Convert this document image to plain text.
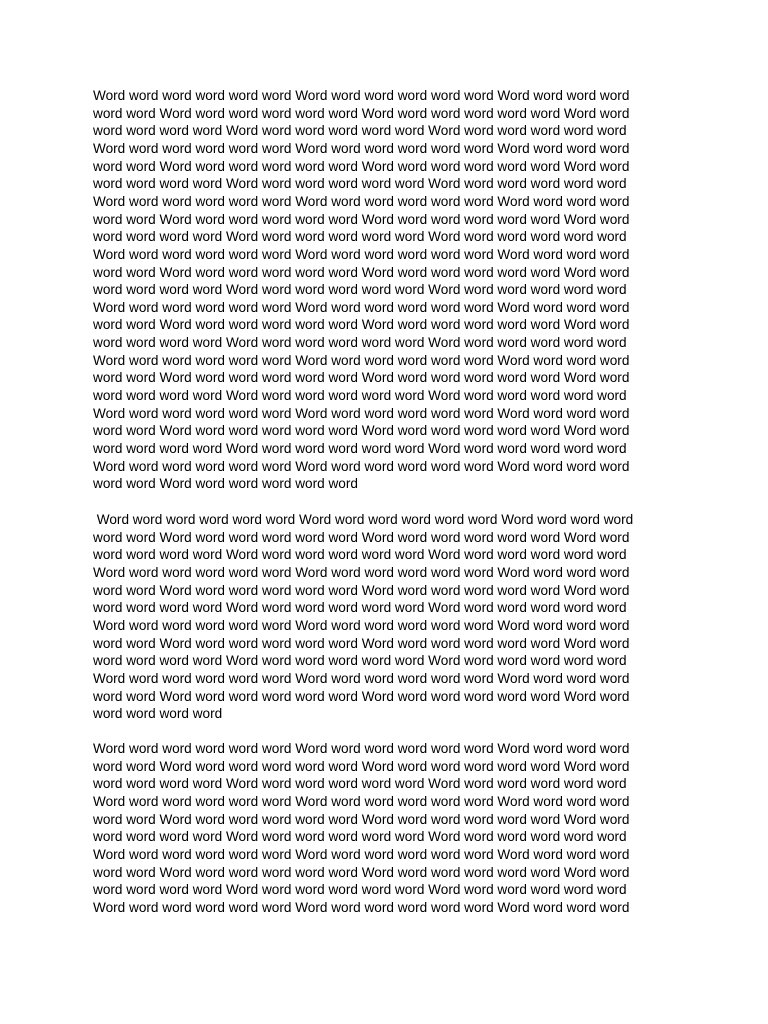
Word word word word word word Word word word word word word Word word word word
word word Word word word word word word Word word word word word word Word word
word word word word Word word word word word word Word word word word word word
Word word word word word word Word word word word word word Word word word word
word word Word word word word word word Word word word word word word Word word
word word word word Word word word word word word Word word word word word word
Word word word word word word Word word word word word word Word word word word
word word Word word word word word word Word word word word word word Word word
word word word word Word word word word word word Word word word word word word
Word word word word word word Word word word word word word Word word word word
word word Word word word word word word Word word word word word word Word word
word word word word Word word word word word word Word word word word word word
Word word word word word word Word word word word word word Word word word word
word word Word word word word word word Word word word word word word Word word
word word word word Word word word word word word Word word word word word word
Word word word word word word Word word word word word word Word word word word
word word Word word word word word word Word word word word word word Word word
word word word word Word word word word word word Word word word word word word
Word word word word word word Word word word word word word Word word word word
word word Word word word word word word Word word word word word word Word word
word word word word Word word word word word word Word word word word word word
Word word word word word word Word word word word word word Word word word word
word word Word word word word word word
Word word word word word word Word word word word word word Word word word word
word word Word word word word word word Word word word word word word Word word
word word word word Word word word word word word Word word word word word word
Word word word word word word Word word word word word word Word word word word
word word Word word word word word word Word word word word word word Word word
word word word word Word word word word word word Word word word word word word
Word word word word word word Word word word word word word Word word word word
word word Word word word word word word Word word word word word word Word word
word word word word Word word word word word word Word word word word word word
Word word word word word word Word word word word word word Word word word word
word word Word word word word word word Word word word word word word Word word
word word word word
Word word word word word word Word word word word word word Word word word word
word word Word word word word word word Word word word word word word Word word
word word word word Word word word word word word Word word word word word word
Word word word word word word Word word word word word word Word word word word
word word Word word word word word word Word word word word word word Word word
word word word word Word word word word word word Word word word word word word
Word word word word word word Word word word word word word Word word word word
word word Word word word word word word Word word word word word word Word word
word word word word Word word word word word word Word word word word word word
Word word word word word word Word word word word word word Word word word word
